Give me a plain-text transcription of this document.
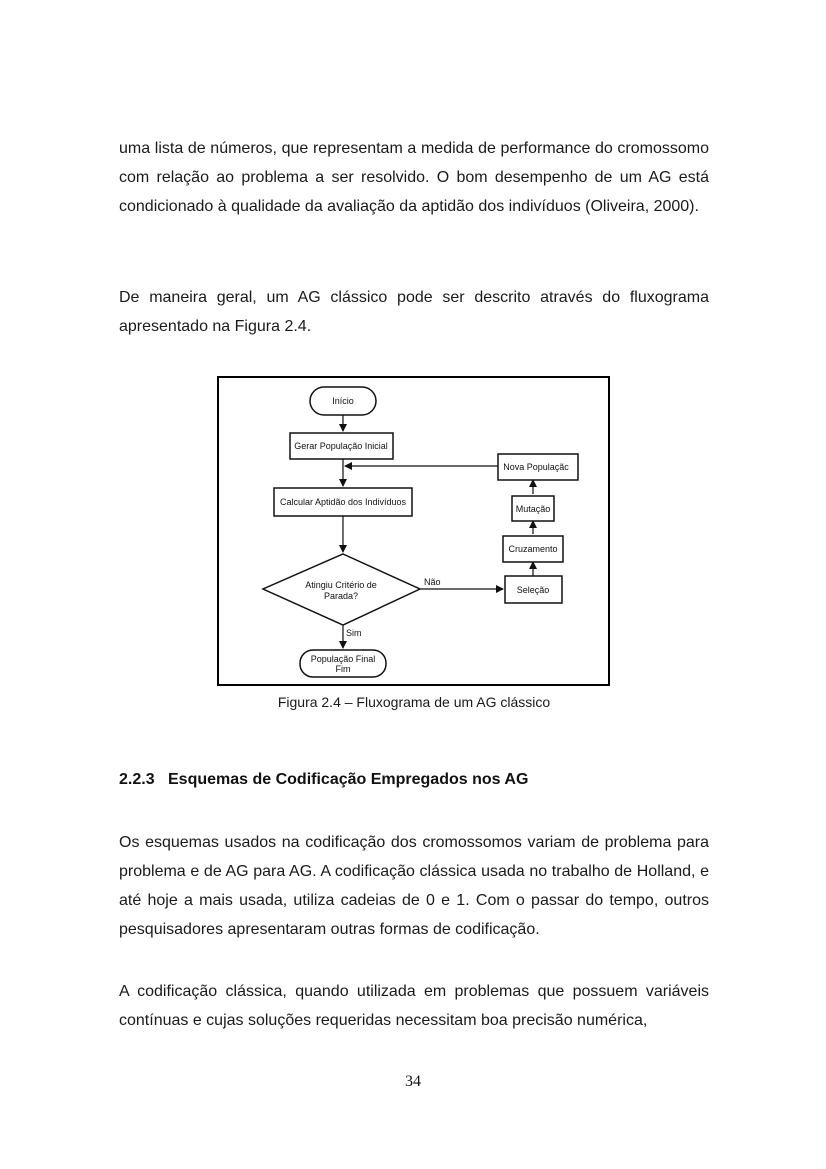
uma lista de números, que representam a medida de performance do cromossomo com relação ao problema a ser resolvido. O bom desempenho de um AG está condicionado à qualidade da avaliação da aptidão dos indivíduos (Oliveira, 2000).

De maneira geral, um AG clássico pode ser descrito através do fluxograma apresentado na Figura 2.4.

Início
Gerar População Inicial
Calcular Aptidão dos Indivíduos
Atingiu Critério de
Parada?
Não
Sim
População Final
Fim
Seleção
Cruzamento
Mutação
Nova Populaçãc

Figura 2.4 – Fluxograma de um AG clássico

2.2.3 Esquemas de Codificação Empregados nos AG

Os esquemas usados na codificação dos cromossomos variam de problema para problema e de AG para AG. A codificação clássica usada no trabalho de Holland, e até hoje a mais usada, utiliza cadeias de 0 e 1. Com o passar do tempo, outros pesquisadores apresentaram outras formas de codificação.

A codificação clássica, quando utilizada em problemas que possuem variáveis contínuas e cujas soluções requeridas necessitam boa precisão numérica,

34
